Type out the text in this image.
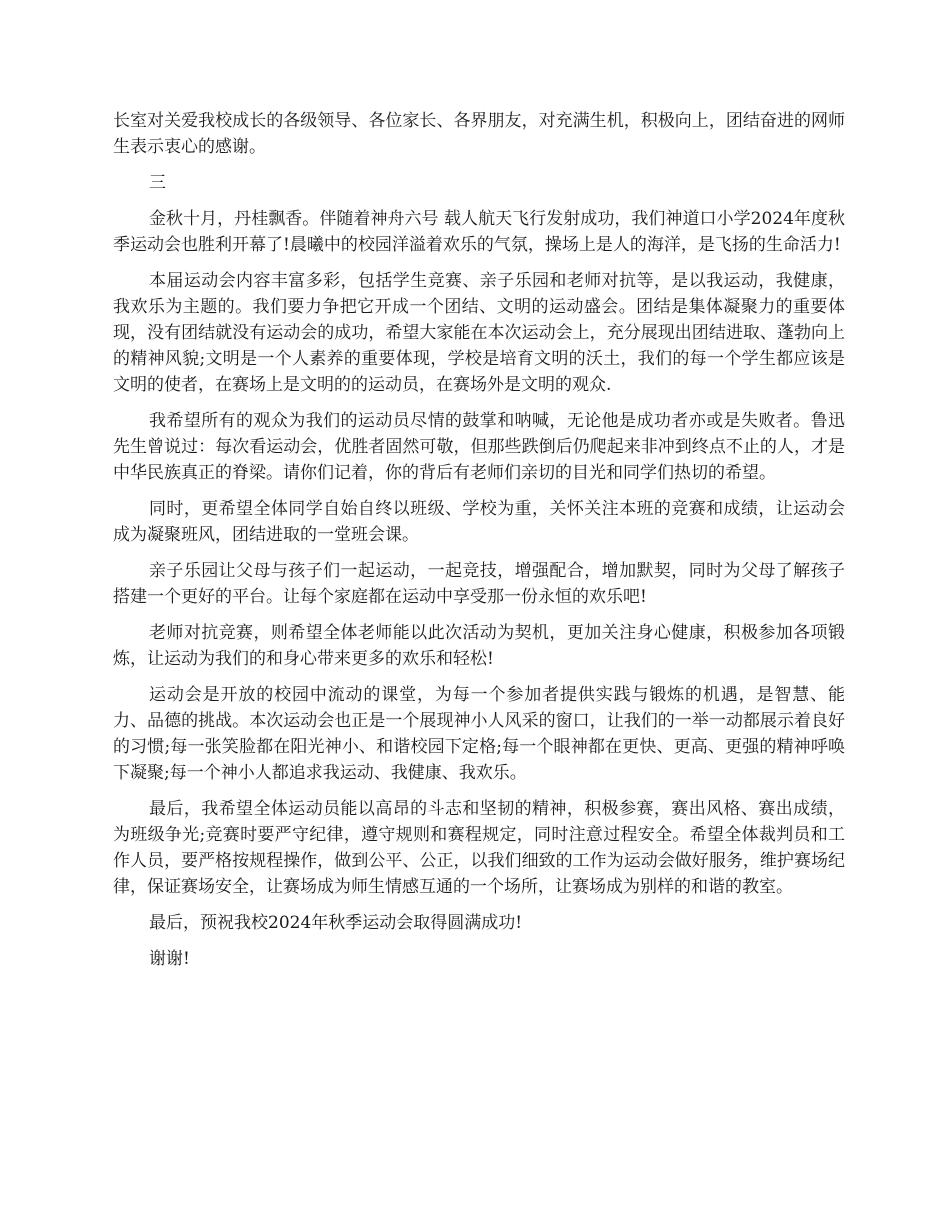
长室对关爱我校成长的各级领导、各位家长、各界朋友，对充满生机，积极向上，团结奋进的网师生表示衷心的感谢。

三

金秋十月，丹桂飘香。伴随着神舟六号 载人航天飞行发射成功，我们神道口小学2024年度秋季运动会也胜利开幕了!晨曦中的校园洋溢着欢乐的气氛，操场上是人的海洋，是飞扬的生命活力!

本届运动会内容丰富多彩，包括学生竞赛、亲子乐园和老师对抗等，是以我运动，我健康，我欢乐为主题的。我们要力争把它开成一个团结、文明的运动盛会。团结是集体凝聚力的重要体现，没有团结就没有运动会的成功，希望大家能在本次运动会上，充分展现出团结进取、蓬勃向上的精神风貌;文明是一个人素养的重要体现，学校是培育文明的沃土，我们的每一个学生都应该是文明的使者，在赛场上是文明的的运动员，在赛场外是文明的观众.

我希望所有的观众为我们的运动员尽情的鼓掌和呐喊，无论他是成功者亦或是失败者。鲁迅先生曾说过：每次看运动会，优胜者固然可敬，但那些跌倒后仍爬起来非冲到终点不止的人，才是中华民族真正的脊梁。请你们记着，你的背后有老师们亲切的目光和同学们热切的希望。

同时，更希望全体同学自始自终以班级、学校为重，关怀关注本班的竞赛和成绩，让运动会成为凝聚班风，团结进取的一堂班会课。

亲子乐园让父母与孩子们一起运动，一起竞技，增强配合，增加默契，同时为父母了解孩子搭建一个更好的平台。让每个家庭都在运动中享受那一份永恒的欢乐吧!

老师对抗竞赛，则希望全体老师能以此次活动为契机，更加关注身心健康，积极参加各项锻炼，让运动为我们的和身心带来更多的欢乐和轻松!

运动会是开放的校园中流动的课堂，为每一个参加者提供实践与锻炼的机遇，是智慧、能力、品德的挑战。本次运动会也正是一个展现神小人风采的窗口，让我们的一举一动都展示着良好的习惯;每一张笑脸都在阳光神小、和谐校园下定格;每一个眼神都在更快、更高、更强的精神呼唤下凝聚;每一个神小人都追求我运动、我健康、我欢乐。

最后，我希望全体运动员能以高昂的斗志和坚韧的精神，积极参赛，赛出风格、赛出成绩，为班级争光;竞赛时要严守纪律，遵守规则和赛程规定，同时注意过程安全。希望全体裁判员和工作人员，要严格按规程操作，做到公平、公正，以我们细致的工作为运动会做好服务，维护赛场纪律，保证赛场安全，让赛场成为师生情感互通的一个场所，让赛场成为别样的和谐的教室。

最后，预祝我校2024年秋季运动会取得圆满成功!

谢谢!
